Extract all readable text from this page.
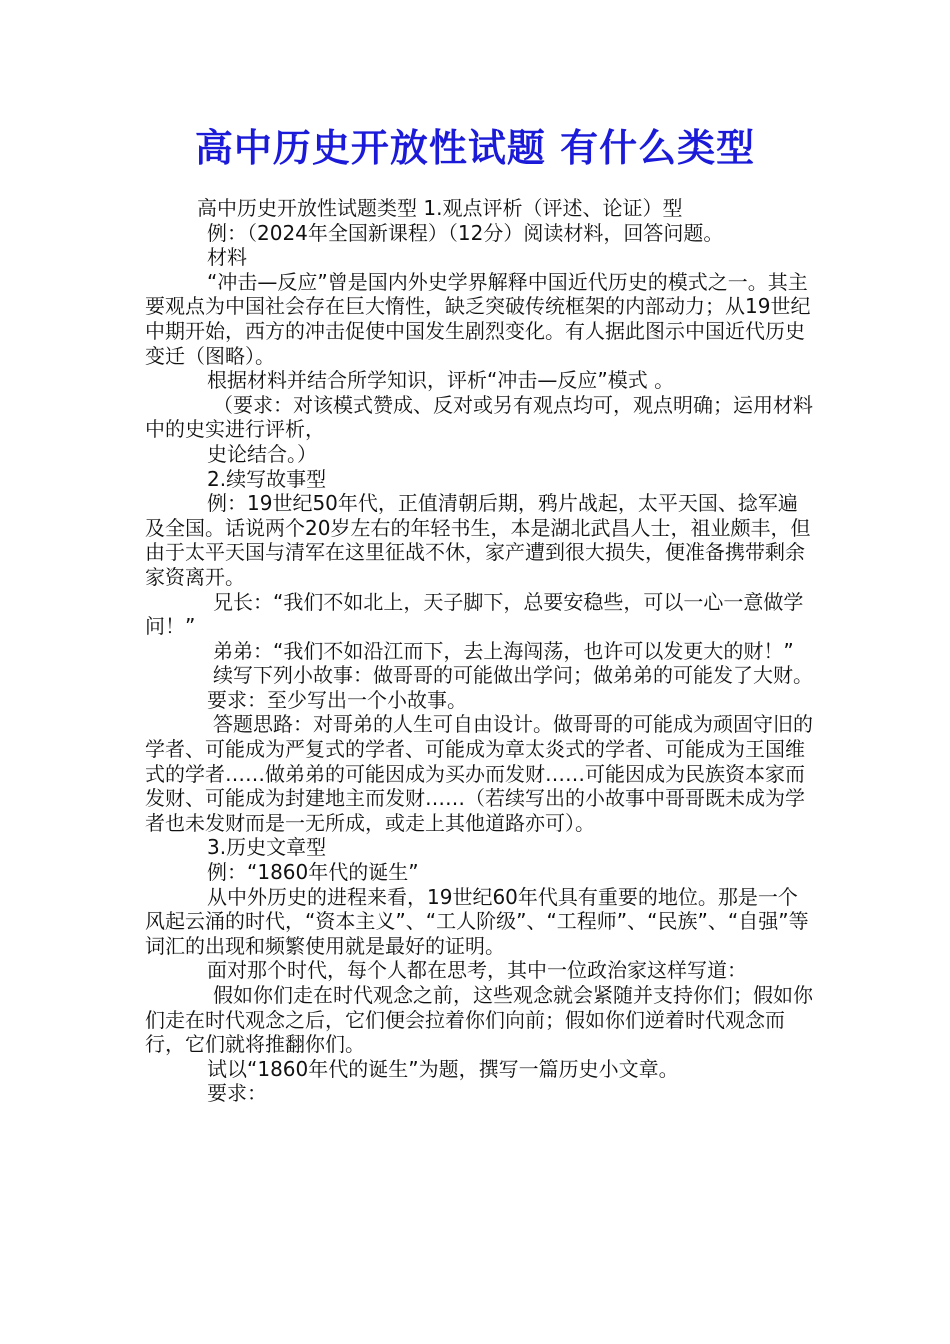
高中历史开放性试题 有什么类型

高中历史开放性试题类型 1.观点评析（评述、论证）型

例：（2024年全国新课程）（12分）阅读材料，回答问题。

材料

“冲击—反应”曾是国内外史学界解释中国近代历史的模式之一。其主要观点为中国社会存在巨大惰性，缺乏突破传统框架的内部动力；从19世纪中期开始，西方的冲击促使中国发生剧烈变化。有人据此图示中国近代历史变迁（图略）。

根据材料并结合所学知识，评析“冲击—反应”模式 。

（要求：对该模式赞成、反对或另有观点均可，观点明确；运用材料中的史实进行评析，

史论结合。）

2.续写故事型

例：19世纪50年代，正值清朝后期，鸦片战起，太平天国、捻军遍及全国。话说两个20岁左右的年轻书生，本是湖北武昌人士，祖业颇丰，但由于太平天国与清军在这里征战不休，家产遭到很大损失，便准备携带剩余家资离开。

兄长：“我们不如北上，天子脚下，总要安稳些，可以一心一意做学问！”

弟弟：“我们不如沿江而下，去上海闯荡，也许可以发更大的财！”

续写下列小故事：做哥哥的可能做出学问；做弟弟的可能发了大财。

要求：至少写出一个小故事。

答题思路：对哥弟的人生可自由设计。做哥哥的可能成为顽固守旧的学者、可能成为严复式的学者、可能成为章太炎式的学者、可能成为王国维式的学者……做弟弟的可能因成为买办而发财……可能因成为民族资本家而发财、可能成为封建地主而发财……（若续写出的小故事中哥哥既未成为学者也未发财而是一无所成，或走上其他道路亦可）。

3.历史文章型

例：“1860年代的诞生”

从中外历史的进程来看，19世纪60年代具有重要的地位。那是一个风起云涌的时代，“资本主义”、“工人阶级”、“工程师”、“民族”、“自强”等词汇的出现和频繁使用就是最好的证明。

面对那个时代，每个人都在思考，其中一位政治家这样写道：

假如你们走在时代观念之前，这些观念就会紧随并支持你们；假如你们走在时代观念之后，它们便会拉着你们向前；假如你们逆着时代观念而行，它们就将推翻你们。

试以“1860年代的诞生”为题，撰写一篇历史小文章。

要求：
